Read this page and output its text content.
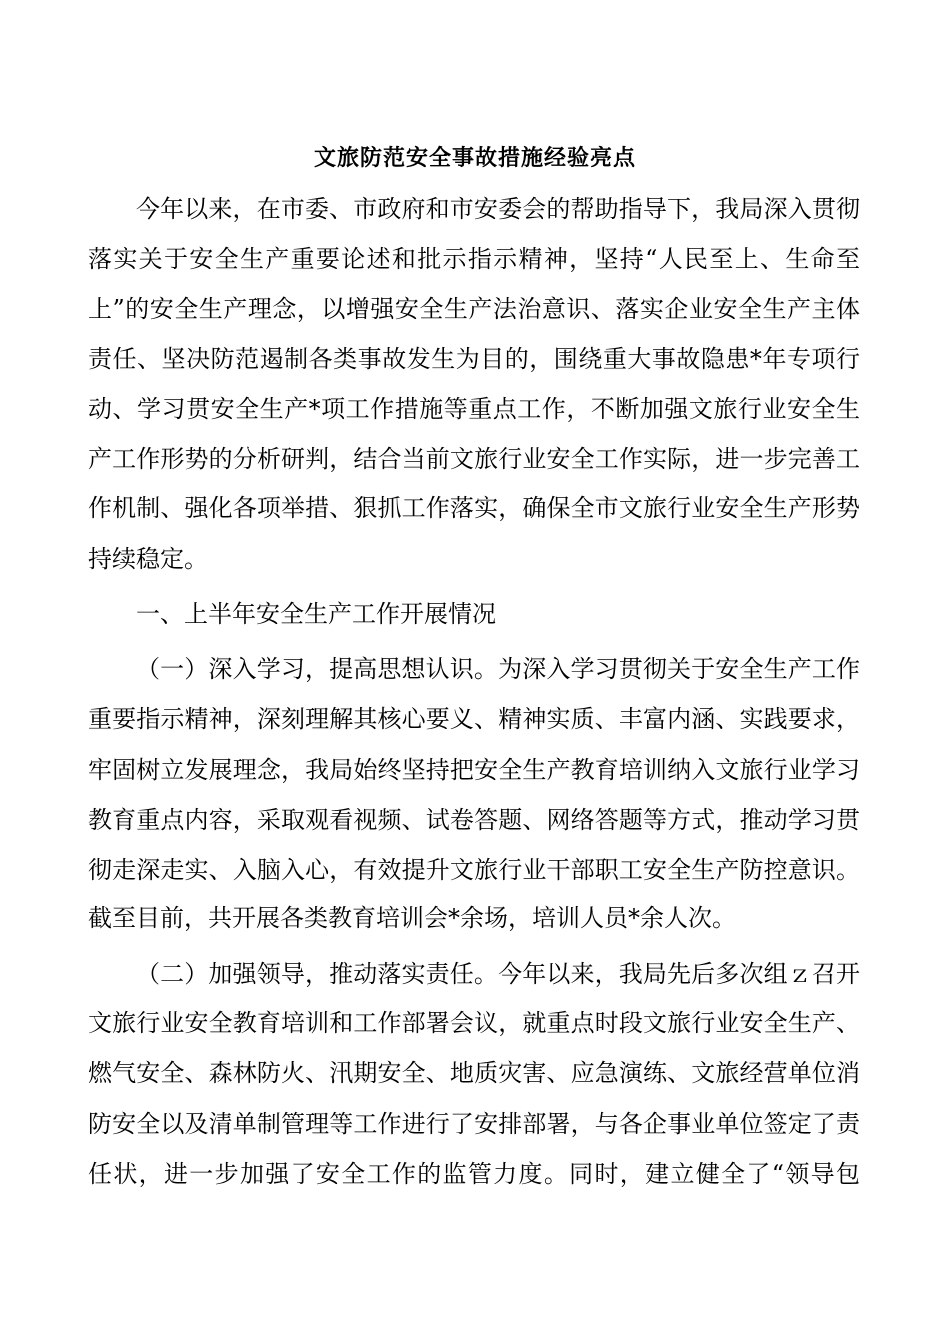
文旅防范安全事故措施经验亮点
今年以来，在市委、市政府和市安委会的帮助指导下，我局深入贯彻
落实关于安全生产重要论述和批示指示精神，坚持“人民至上、生命至
上”的安全生产理念，以增强安全生产法治意识、落实企业安全生产主体
责任、坚决防范遏制各类事故发生为目的，围绕重大事故隐患*年专项行
动、学习贯安全生产*项工作措施等重点工作，不断加强文旅行业安全生
产工作形势的分析研判，结合当前文旅行业安全工作实际，进一步完善工
作机制、强化各项举措、狠抓工作落实，确保全市文旅行业安全生产形势
持续稳定。
一、上半年安全生产工作开展情况
（一）深入学习，提高思想认识。为深入学习贯彻关于安全生产工作
重要指示精神，深刻理解其核心要义、精神实质、丰富内涵、实践要求，
牢固树立发展理念，我局始终坚持把安全生产教育培训纳入文旅行业学习
教育重点内容，采取观看视频、试卷答题、网络答题等方式，推动学习贯
彻走深走实、入脑入心，有效提升文旅行业干部职工安全生产防控意识。
截至目前，共开展各类教育培训会*余场，培训人员*余人次。
（二）加强领导，推动落实责任。今年以来，我局先后多次组ｚ召开
文旅行业安全教育培训和工作部署会议，就重点时段文旅行业安全生产、
燃气安全、森林防火、汛期安全、地质灾害、应急演练、文旅经营单位消
防安全以及清单制管理等工作进行了安排部署，与各企事业单位签定了责
任状，进一步加强了安全工作的监管力度。同时，建立健全了“领导包
